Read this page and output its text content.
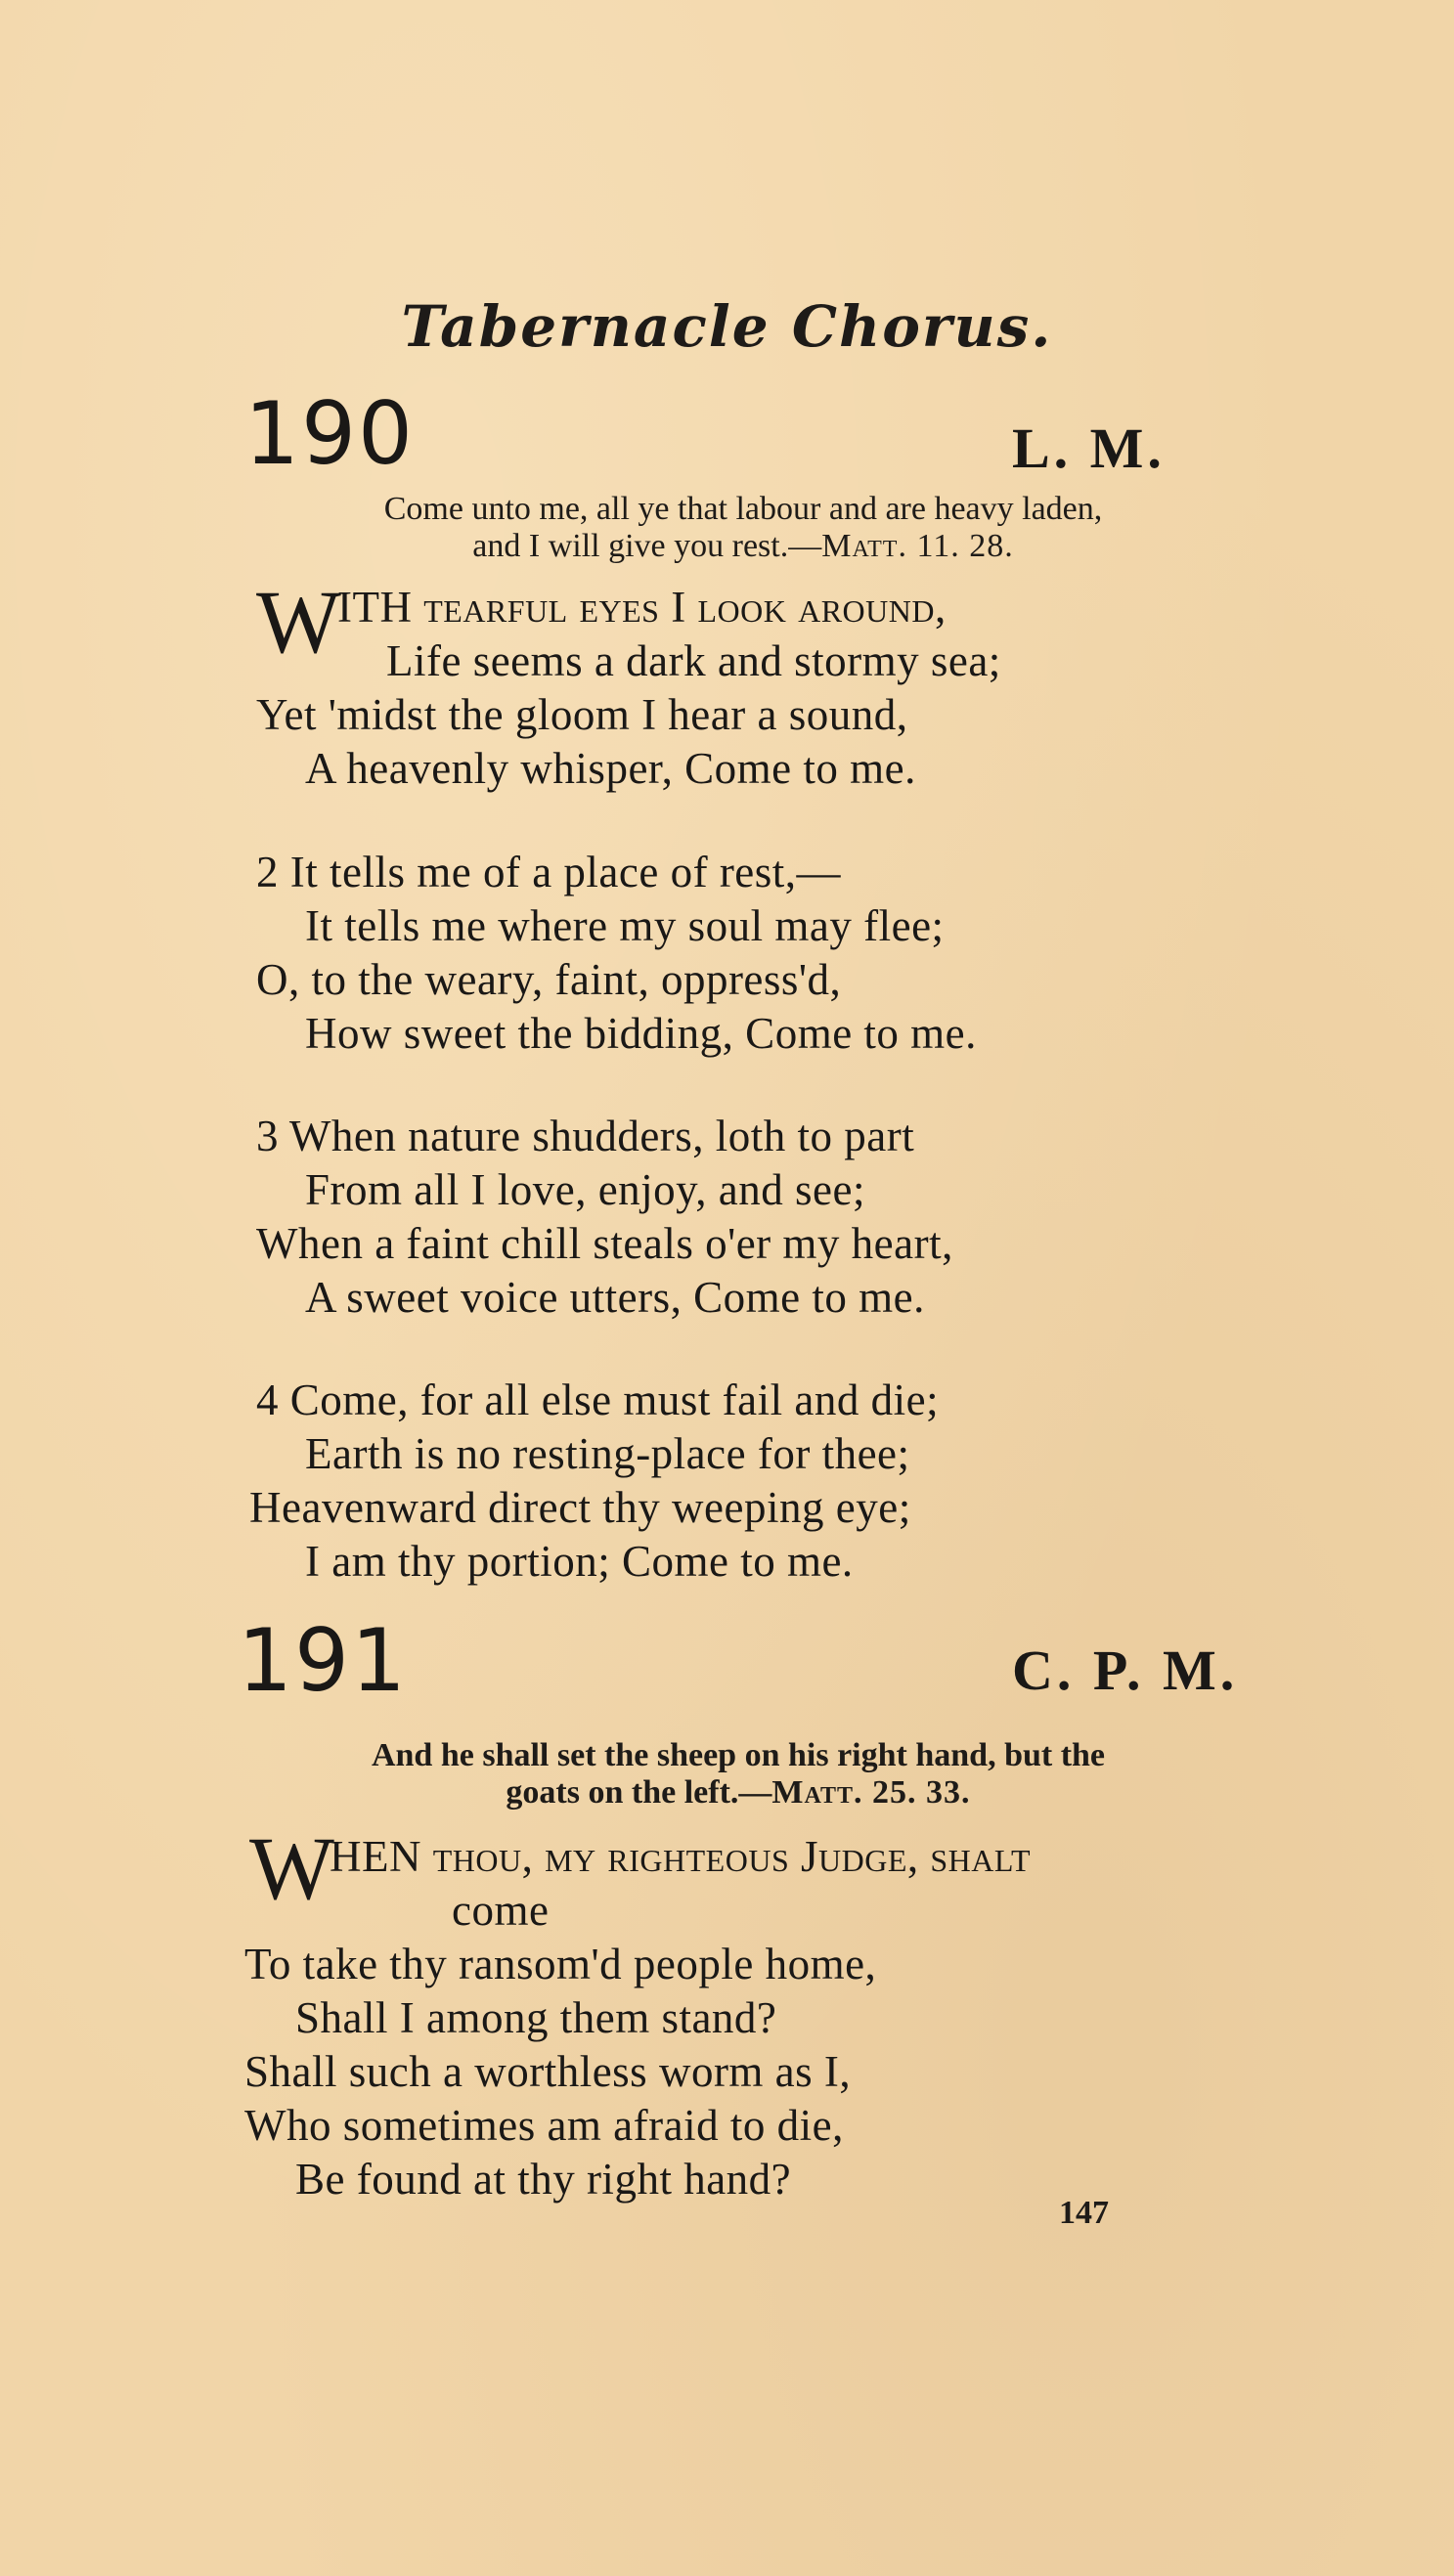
Tabernacle Chorus.
190	L. M.
Come unto me, all ye that labour and are heavy laden,
and I will give you rest.—Matt. 11. 28.
W
ITH tearful eyes I look around,
Life seems a dark and stormy sea;
Yet 'midst the gloom I hear a sound,
A heavenly whisper, Come to me.
2 It tells me of a place of rest,—
It tells me where my soul may flee;
O, to the weary, faint, oppress'd,
How sweet the bidding, Come to me.
3 When nature shudders, loth to part
From all I love, enjoy, and see;
When a faint chill steals o'er my heart,
A sweet voice utters, Come to me.
4 Come, for all else must fail and die;
Earth is no resting-place for thee;
Heavenward direct thy weeping eye;
I am thy portion; Come to me.
191	C. P. M.
And he shall set the sheep on his right hand, but the
goats on the left.—Matt. 25. 33.
W
HEN thou, my righteous Judge, shalt
come
To take thy ransom'd people home,
Shall I among them stand?
Shall such a worthless worm as I,
Who sometimes am afraid to die,
Be found at thy right hand?
147
